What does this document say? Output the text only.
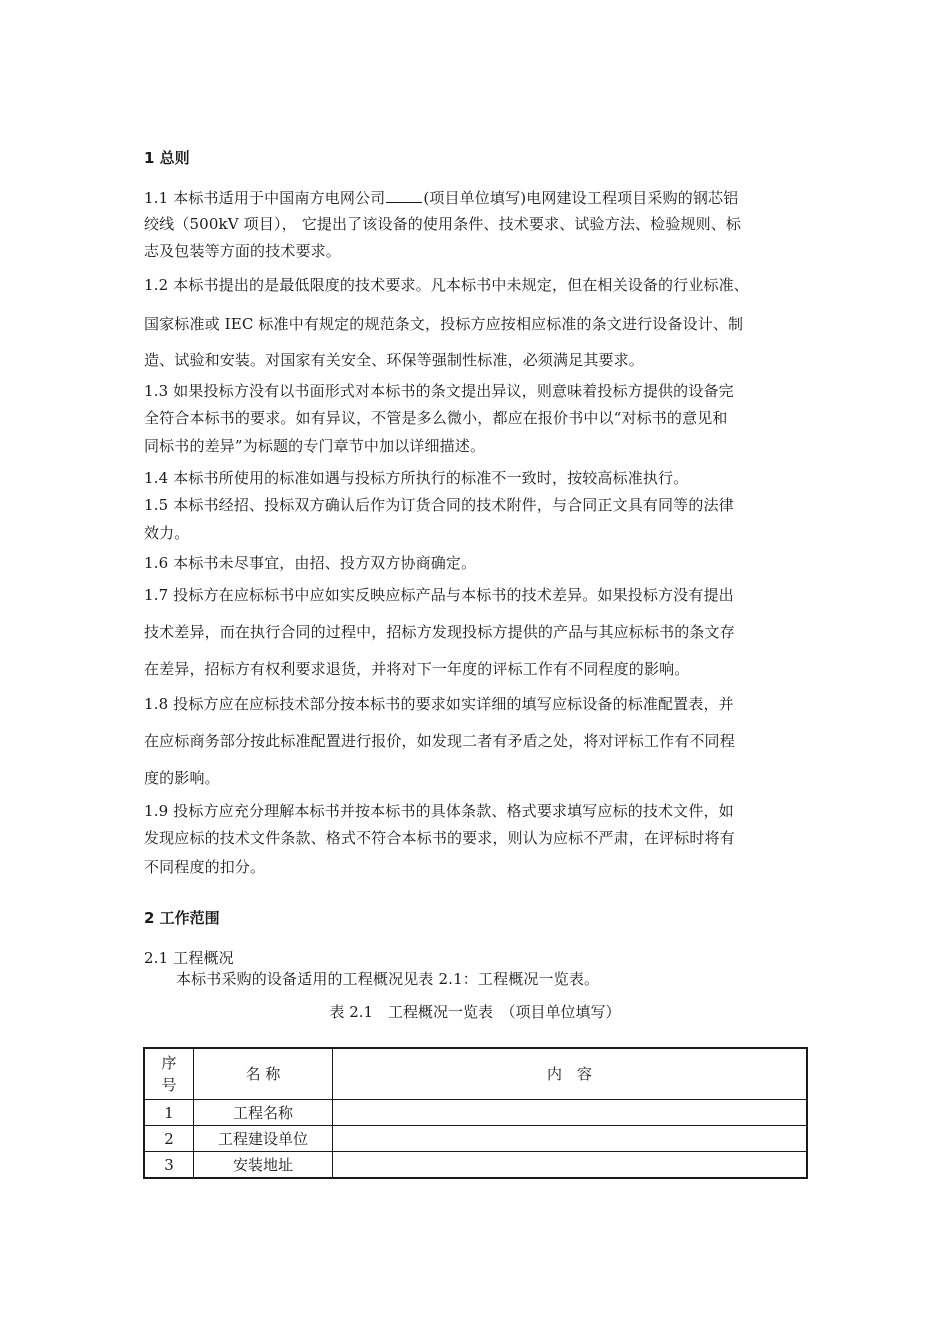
1 总则
1.1 本标书适用于中国南方电网公司	(项目单位填写)电网建设工程项目采购的钢芯铝
绞线（500kV 项目）， 它提出了该设备的使用条件、技术要求、试验方法、检验规则、标
志及包装等方面的技术要求。
1.2 本标书提出的是最低限度的技术要求。凡本标书中未规定，但在相关设备的行业标准、
国家标准或 IEC 标准中有规定的规范条文，投标方应按相应标准的条文进行设备设计、制
造、试验和安装。对国家有关安全、环保等强制性标准，必须满足其要求。
1.3 如果投标方没有以书面形式对本标书的条文提出异议，则意味着投标方提供的设备完
全符合本标书的要求。如有异议，不管是多么微小，都应在报价书中以“对标书的意见和
同标书的差异”为标题的专门章节中加以详细描述。
1.4 本标书所使用的标准如遇与投标方所执行的标准不一致时，按较高标准执行。
1.5 本标书经招、投标双方确认后作为订货合同的技术附件，与合同正文具有同等的法律
效力。
1.6 本标书未尽事宜，由招、投方双方协商确定。
1.7 投标方在应标标书中应如实反映应标产品与本标书的技术差异。如果投标方没有提出
技术差异，而在执行合同的过程中，招标方发现投标方提供的产品与其应标标书的条文存
在差异，招标方有权利要求退货，并将对下一年度的评标工作有不同程度的影响。
1.8 投标方应在应标技术部分按本标书的要求如实详细的填写应标设备的标准配置表，并
在应标商务部分按此标准配置进行报价，如发现二者有矛盾之处，将对评标工作有不同程
度的影响。
1.9 投标方应充分理解本标书并按本标书的具体条款、格式要求填写应标的技术文件，如
发现应标的技术文件条款、格式不符合本标书的要求，则认为应标不严肃，在评标时将有
不同程度的扣分。
2 工作范围
2.1 工程概况
本标书采购的设备适用的工程概况见表 2.1：工程概况一览表。
表 2.1　工程概况一览表　（项目单位填写）
序
号	名 称	内　容
1	工程名称	
2	工程建设单位	
3	安装地址	
